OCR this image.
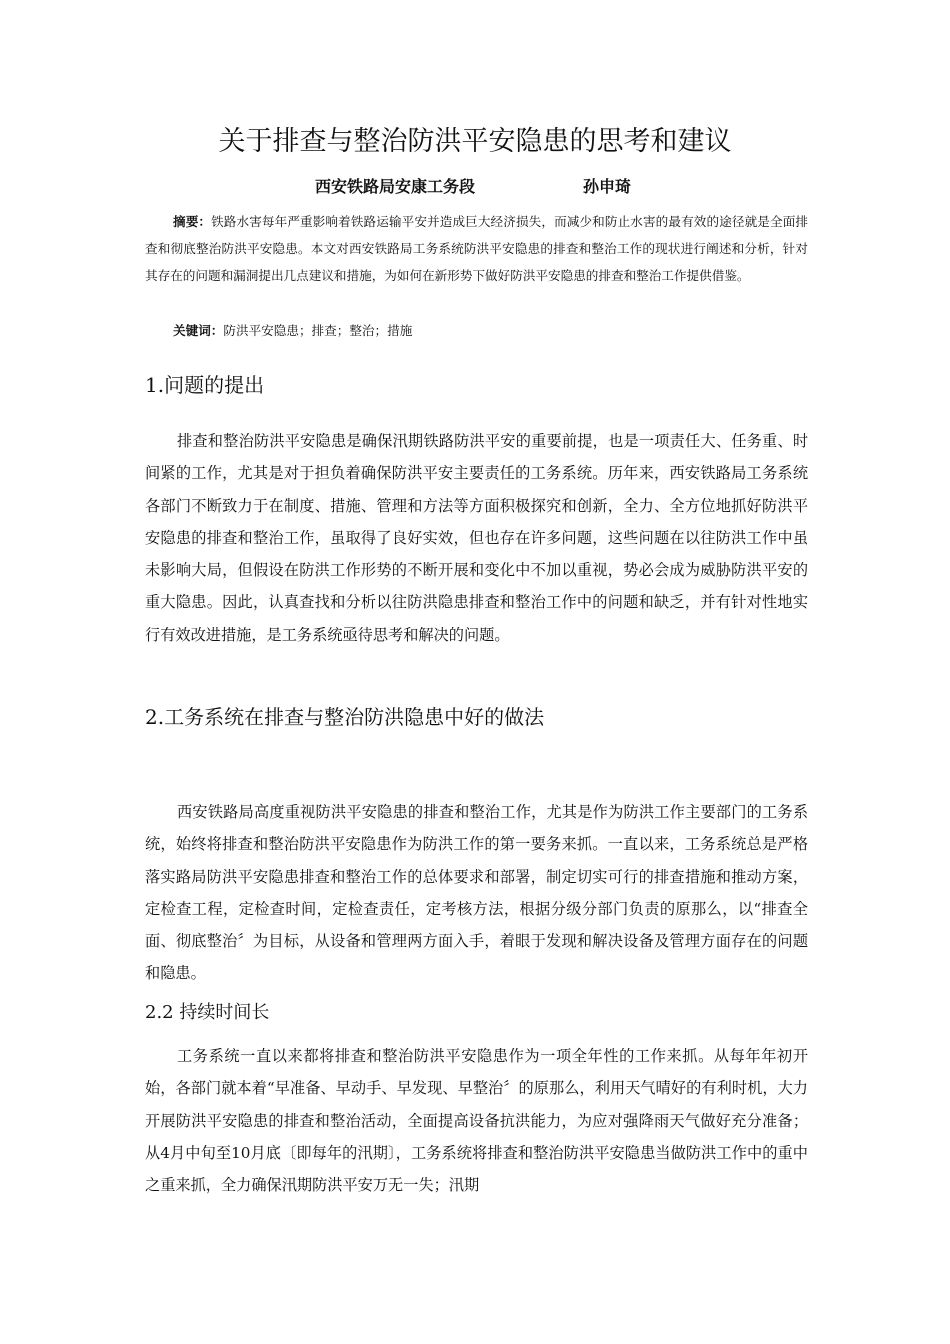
关于排查与整治防洪平安隐患的思考和建议
西安铁路局安康工务段	孙申琦

摘要：铁路水害每年严重影响着铁路运输平安并造成巨大经济损失，而减少和防止水害的最有效的途径就是全面排查和彻底整治防洪平安隐患。本文对西安铁路局工务系统防洪平安隐患的排查和整治工作的现状进行阐述和分析，针对其存在的问题和漏洞提出几点建议和措施，为如何在新形势下做好防洪平安隐患的排查和整治工作提供借鉴。

关键词：防洪平安隐患；排查；整治；措施

1.问题的提出

排查和整治防洪平安隐患是确保汛期铁路防洪平安的重要前提，也是一项责任大、任务重、时间紧的工作，尤其是对于担负着确保防洪平安主要责任的工务系统。历年来，西安铁路局工务系统各部门不断致力于在制度、措施、管理和方法等方面积极探究和创新，全力、全方位地抓好防洪平安隐患的排查和整治工作，虽取得了良好实效，但也存在许多问题，这些问题在以往防洪工作中虽未影响大局，但假设在防洪工作形势的不断开展和变化中不加以重视，势必会成为威胁防洪平安的重大隐患。因此，认真查找和分析以往防洪隐患排查和整治工作中的问题和缺乏，并有针对性地实行有效改进措施，是工务系统亟待思考和解决的问题。

2.工务系统在排查与整治防洪隐患中好的做法

西安铁路局高度重视防洪平安隐患的排查和整治工作，尤其是作为防洪工作主要部门的工务系统，始终将排查和整治防洪平安隐患作为防洪工作的第一要务来抓。一直以来，工务系统总是严格落实路局防洪平安隐患排查和整治工作的总体要求和部署，制定切实可行的排查措施和推动方案，定检查工程，定检查时间，定检查责任，定考核方法，根据分级分部门负责的原那么，以“排查全面、彻底整治〞为目标，从设备和管理两方面入手，着眼于发现和解决设备及管理方面存在的问题和隐患。

2.2 持续时间长

工务系统一直以来都将排查和整治防洪平安隐患作为一项全年性的工作来抓。从每年年初开始，各部门就本着“早准备、早动手、早发现、早整治〞的原那么，利用天气晴好的有利时机，大力开展防洪平安隐患的排查和整治活动，全面提高设备抗洪能力，为应对强降雨天气做好充分准备；从4月中旬至10月底〔即每年的汛期〕，工务系统将排查和整治防洪平安隐患当做防洪工作中的重中之重来抓，全力确保汛期防洪平安万无一失；汛期
